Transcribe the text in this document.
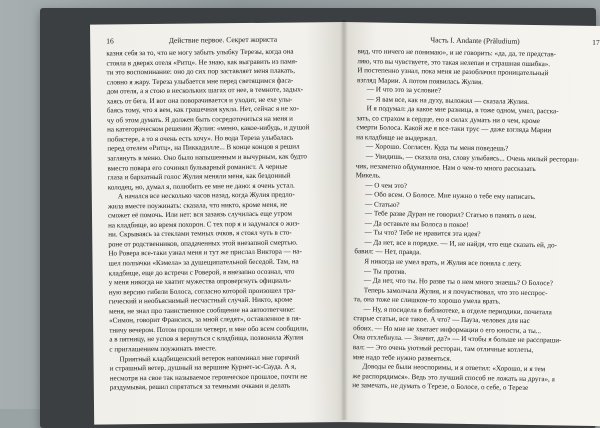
16	Действие первое. Секрет жориста
казня себя за то, что не могу забыть улыбку Терезы, когда она
стояла в дверях отеля «Ритц». Не знаю, как выгравить из памя-
ти это воспоминание: оно до сих пор заставляет меня плакать,
словно я жару. Тереза улыбается мне перед светящимся фаса-
дом отеля, а я стою в нескольких шагах от нее, в темноте, задых-
хаясь от бега. И вот она поворачивается и уходит, не ехе улы-
баясь тому, что я вем, как грашечная кукла. Нет, сейчас я не хо-
чу об этом думать. Я должен быть сосредоточиться на меня и
на категорическом решении Жулия: «меню, какое-нибудь, и душой
побистере, а то я очень есть хочу». Но вода Тереза улыбалась
перед отелем «Ритц», на Пиккадилле... В конце концов я решил
заглянуть в меню. Оно было напышенным и вычурным, как будто
вместо повара его сочинял бульварный романист. А черные
глаза и бархатный голос Жулия меняли меня, как бездонный
колодец, но, думал я, полюбить ее мне не дано: я очень устал.
А начался все несколько часов назад, когда Жулия предло-
жила вместе поужинать: сказала, что никто, кроме меня, не
сможет её помочь. Или нет: вся зазаязь случилась еще утром
на кладбище, во время похорон. С тех пор я и задумался о жиз-
ни. Скрываясь за стеклами темных очков, я стоял чуть в сто-
роне от родственников, опадаченных этой внезапной смертью.
Но Ровера все-таки узнал меня и тут же прислал Виктора — на-
шел полпачки «Кэмела» за душещипательной беседой. Там, на
кладбище, еще до встречи с Роверой, я внезапно осознал, что
у меня никогда не хватит мужества опровергнуть официаль-
ную версию гибели Болоса, согласно которой произошел тра-
гический и необъяснимый несчастный случай. Никто, кроме
меня, не знал про таинственное сообщение на автоответчике:
«Симон, говорит Франсиск, за мной следят», оставленное в пя-
тничу вечером. Потом прошли четверг, и мне обо всем сообщили,
а в пятницу, не успов я вернуться с кладбища, позвонила Жулия
с приглашением поужинать вместе.
Приятный кладбищенский ветерок напоминал мне горячий
и страшный ветер, душный на вершине Курнет-эс-Сауда. А я,
несмотря на свое так называемое героическое прошлое, почти не
раздумывая, решил спрятаться за темными очками и делать
Часть I. Andante (Prãludium)	17
вид, что ничего не понимаю», и не говорить: «да, да, те представ-
ляю, что вы чувствуете, это такая нелепая и страшная ошибка».
И постепенно узнал, пока меня не разоблачил проницательный
взгляд Марии. А потом появилась Жулия.
— И что это за условие?
— Я вам все, как на духу, выложил — сказала Жулия.
И я подумал: да какое мне разница, в тоже одном, умел, расска-
зать, со страхом в сердце, ею я силах думать ни о чем, кроме
смерти Болоса. Какой же я все-таки трус — даже взгляда Марии
на кладбище не выдержал.
— Хорошо. Согласен. Куда ты меня поведешь?
— Увидишь, — сказала она, слову улыбаясь... Очень милый ресторан-
чик, незаметно обдуманное. Нам о чем-то много рассказать
Микель.
— О чем это?
— Обо всем. О Болосе. Мне нужно о тебе ему написать.
— Статью?
— Тебе разве Дуран не говорил? Статью в память о нем.
— Да оставьте вы Болоса в покое!
— Ты что? Тебе не нравится эта идея?
— Да нет, все в порядке. — И, не найдя, что еще сказать ей, до-
бавил: — Нет, правда.
Я никогда не умел врать, и Жулия все поняла с лету.
— Ты против.
— Да нет, что ты. Но разве ты о нем много знаешь? О Болосе?
Теперь замолчала Жулия, и я почувствовал, что это неспрос-
та, она тоже не слишком-то хорошо умела врать.
— Ну, я посидела в библиотеке, в отделе периодики, почитала
старые статьи, все такое. А что? — Пауза, человек для нас
обоих. — Но мне не хватает информации о его юности, а ты...
Она отхлебнула. — Значит, да?» — И чтобы я больше не расспраши-
вал: — Это очень уютный ресторан, там отличные котлеты,
мне надо тебе нужно развеяться.
Доводы ее были неоспоримы, и я ответил: «Хорошо, и я тем
же распорядимся». Ведь это лучший способ не ложать на друга», а
не замечать, не думать о Терезе, о Болосе, о себе, о Терезе
